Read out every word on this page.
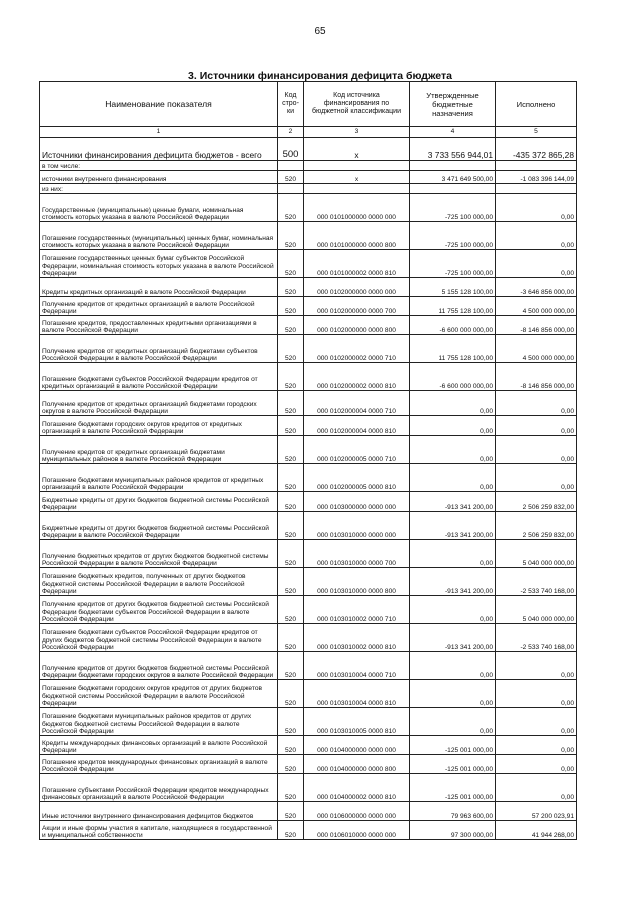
65
3. Источники финансирования дефицита бюджета
Наименование показателя	Код стро-ки	Код источника финансирования по бюджетной классификации	Утвержденные бюджетные назначения	Исполнено
1	2	3	4	5
Источники финансирования дефицита бюджетов - всего	500	x	3 733 556 944,01	-435 372 865,28
в том числе:				
источники внутреннего финансирования	520	x	3 471 649 500,00	-1 083 396 144,09
из них:				
Государственные (муниципальные) ценные бумаги, номинальная стоимость которых указана в валюте Российской Федерации	520	000 0101000000 0000 000	-725 100 000,00	0,00
Погашение государственных (муниципальных) ценных бумаг, номинальная стоимость которых указана в валюте Российской Федерации	520	000 0101000000 0000 800	-725 100 000,00	0,00
Погашение государственных ценных бумаг субъектов Российской Федерации, номинальная стоимость которых указана в валюте Российской Федерации	520	000 0101000002 0000 810	-725 100 000,00	0,00
Кредиты кредитных организаций в валюте Российской Федерации	520	000 0102000000 0000 000	5 155 128 100,00	-3 646 856 000,00
Получение кредитов от кредитных организаций в валюте Российской Федерации	520	000 0102000000 0000 700	11 755 128 100,00	4 500 000 000,00
Погашение кредитов, предоставленных кредитными организациями в валюте Российской Федерации	520	000 0102000000 0000 800	-6 600 000 000,00	-8 146 856 000,00
Получение кредитов от кредитных организаций бюджетами субъектов Российской Федерации в валюте Российской Федерации	520	000 0102000002 0000 710	11 755 128 100,00	4 500 000 000,00
Погашение бюджетами субъектов Российской Федерации кредитов от кредитных организаций в валюте Российской Федерации	520	000 0102000002 0000 810	-6 600 000 000,00	-8 146 856 000,00
Получение кредитов от кредитных организаций бюджетами городских округов в валюте Российской Федерации	520	000 0102000004 0000 710	0,00	0,00
Погашение бюджетами городских округов кредитов от кредитных организаций в валюте Российской Федерации	520	000 0102000004 0000 810	0,00	0,00
Получение кредитов от кредитных организаций бюджетами муниципальных районов в валюте Российской Федерации	520	000 0102000005 0000 710	0,00	0,00
Погашение бюджетами муниципальных районов кредитов от кредитных организаций в валюте Российской Федерации	520	000 0102000005 0000 810	0,00	0,00
Бюджетные кредиты от других бюджетов бюджетной системы Российской Федерации	520	000 0103000000 0000 000	-913 341 200,00	2 506 259 832,00
Бюджетные кредиты от других бюджетов бюджетной системы Российской Федерации в валюте Российской Федерации	520	000 0103010000 0000 000	-913 341 200,00	2 506 259 832,00
Получение бюджетных кредитов от других бюджетов бюджетной системы Российской Федерации в валюте Российской Федерации	520	000 0103010000 0000 700	0,00	5 040 000 000,00
Погашение бюджетных кредитов, полученных от других бюджетов бюджетной системы Российской Федерации в валюте Российской Федерации	520	000 0103010000 0000 800	-913 341 200,00	-2 533 740 168,00
Получение кредитов от других бюджетов бюджетной системы Российской Федерации бюджетами субъектов Российской Федерации в валюте Российской Федерации	520	000 0103010002 0000 710	0,00	5 040 000 000,00
Погашение бюджетами субъектов Российской Федерации кредитов от других бюджетов бюджетной системы Российской Федерации в валюте Российской Федерации	520	000 0103010002 0000 810	-913 341 200,00	-2 533 740 168,00
Получение кредитов от других бюджетов бюджетной системы Российской Федерации бюджетами городских округов в валюте Российской Федерации	520	000 0103010004 0000 710	0,00	0,00
Погашение бюджетами городских округов кредитов от других бюджетов бюджетной системы Российской Федерации в валюте Российской Федерации	520	000 0103010004 0000 810	0,00	0,00
Погашение бюджетами муниципальных районов кредитов от других бюджетов бюджетной системы Российской Федерации в валюте Российской Федерации	520	000 0103010005 0000 810	0,00	0,00
Кредиты международных финансовых организаций в валюте Российской Федерации	520	000 0104000000 0000 000	-125 001 000,00	0,00
Погашение кредитов международных финансовых организаций в валюте Российской Федерации	520	000 0104000000 0000 800	-125 001 000,00	0,00
Погашение субъектами Российской Федерации кредитов международных финансовых организаций в валюте Российской Федерации	520	000 0104000002 0000 810	-125 001 000,00	0,00
Иные источники внутреннего финансирования дефицитов бюджетов	520	000 0106000000 0000 000	79 963 600,00	57 200 023,91
Акции и иные формы участия в капитале, находящиеся в государственной и муниципальной собственности	520	000 0106010000 0000 000	97 300 000,00	41 944 268,00
